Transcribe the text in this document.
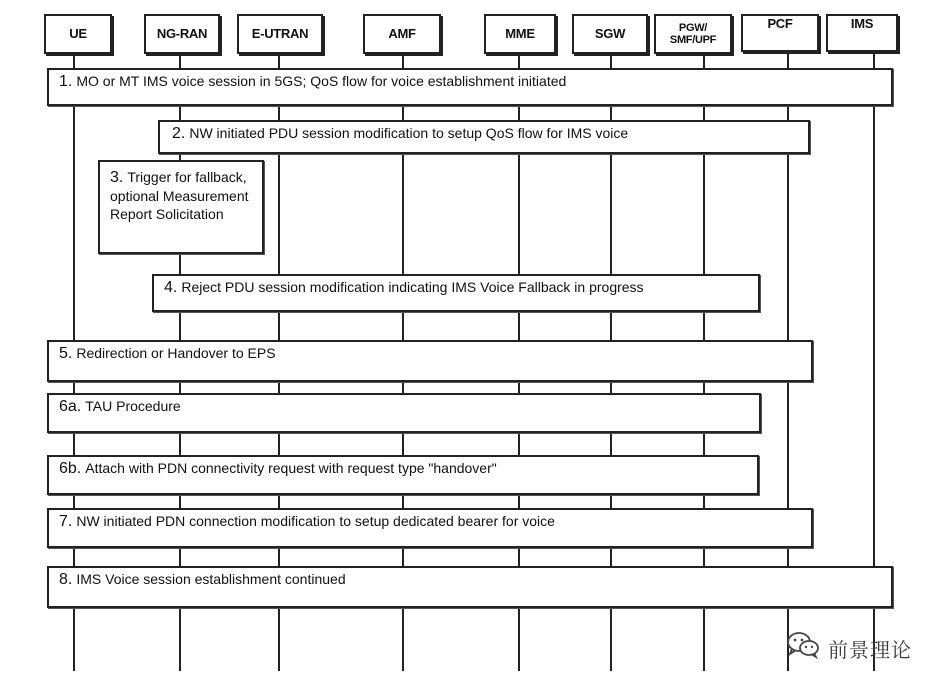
UE	NG-RAN	E-UTRAN	AMF	MME	SGW	PGW/
SMF/UPF
PCF	IMS
1. MO or MT IMS voice session in 5GS; QoS flow for voice establishment initiated
2. NW initiated PDU session modification to setup QoS flow for IMS voice
3. Trigger for fallback, optional Measurement Report Solicitation
4. Reject PDU session modification indicating IMS Voice Fallback in progress
5. Redirection or Handover to EPS
6a. TAU Procedure
6b. Attach with PDN connectivity request with request type "handover"
7. NW initiated PDN connection modification to setup dedicated bearer for voice
8. IMS Voice session establishment continued
前景理论
